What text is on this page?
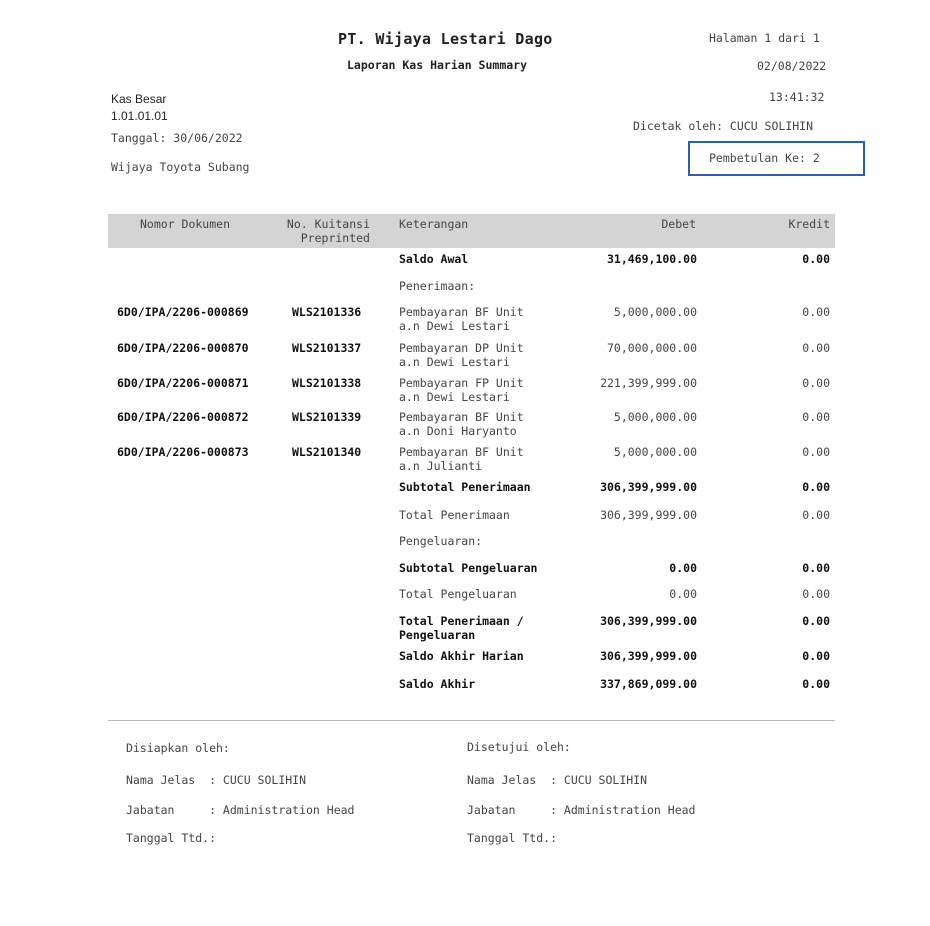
PT. Wijaya Lestari Dago
Laporan Kas Harian Summary
Halaman 1 dari 1
02/08/2022
13:41:32
Dicetak oleh: CUCU SOLIHIN
Pembetulan Ke: 2
Kas Besar
1.01.01.01
Tanggal: 30/06/2022
Wijaya Toyota Subang
Nomor Dokumen	No. Kuitansi
Preprinted
Keterangan	Debet	Kredit
Saldo Awal	31,469,100.00	0.00
Penerimaan:
6D0/IPA/2206-000869	WLS2101336	Pembayaran BF Unit
a.n Dewi Lestari
5,000,000.00	0.00
6D0/IPA/2206-000870	WLS2101337	Pembayaran DP Unit
a.n Dewi Lestari
70,000,000.00	0.00
6D0/IPA/2206-000871	WLS2101338	Pembayaran FP Unit
a.n Dewi Lestari
221,399,999.00	0.00
6D0/IPA/2206-000872	WLS2101339	Pembayaran BF Unit
a.n Doni Haryanto
5,000,000.00	0.00
6D0/IPA/2206-000873	WLS2101340	Pembayaran BF Unit
a.n Julianti
5,000,000.00	0.00
Subtotal Penerimaan	306,399,999.00	0.00
Total Penerimaan	306,399,999.00	0.00
Pengeluaran:
Subtotal Pengeluaran	0.00	0.00
Total Pengeluaran	0.00	0.00
Total Penerimaan /
Pengeluaran
306,399,999.00	0.00
Saldo Akhir Harian	306,399,999.00	0.00
Saldo Akhir	337,869,099.00	0.00
Disiapkan oleh:
Nama Jelas  : CUCU SOLIHIN
Jabatan     : Administration Head
Tanggal Ttd.:
Disetujui oleh:
Nama Jelas  : CUCU SOLIHIN
Jabatan     : Administration Head
Tanggal Ttd.:
